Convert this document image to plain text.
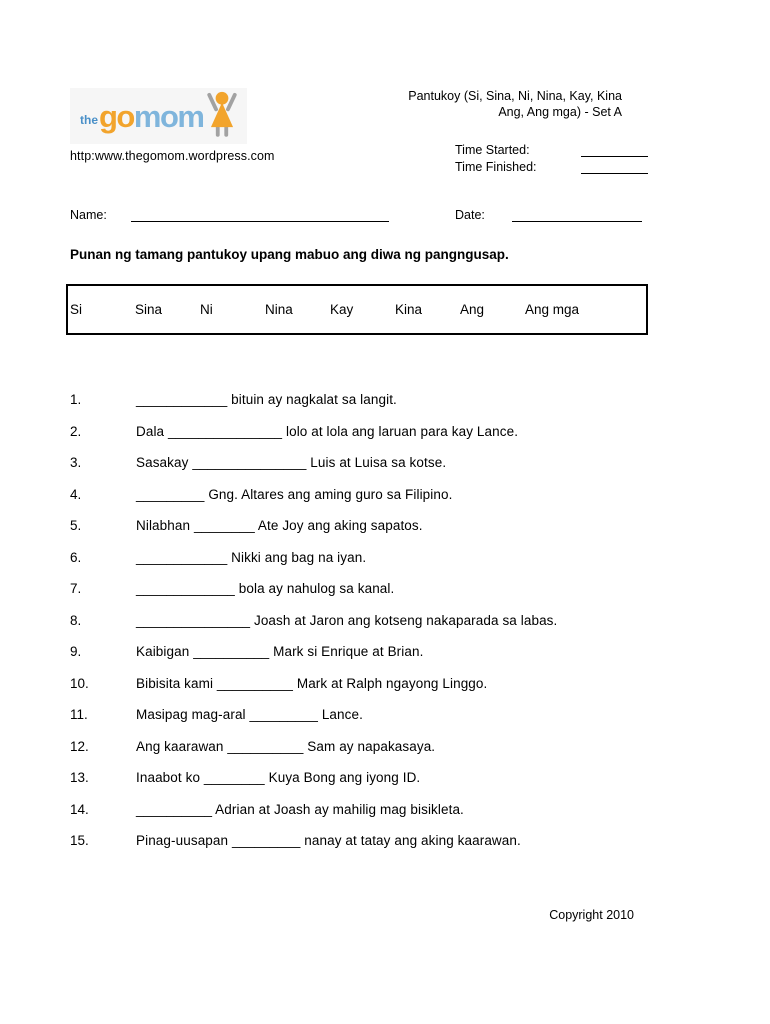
the go mom
http:www.thegomom.wordpress.com
Pantukoy (Si, Sina, Ni, Nina, Kay, Kina
Ang, Ang mga) - Set A
Time Started:
Time Finished:
Name:	Date:
Punan ng tamang pantukoy upang mabuo ang diwa ng pangngusap.
Si	Sina	Ni	Nina	Kay	Kina	Ang	Ang mga
1.	____________ bituin ay nagkalat sa langit.
2.	Dala _______________ lolo at lola ang laruan para kay Lance.
3.	Sasakay _______________ Luis at Luisa sa kotse.
4.	_________ Gng. Altares ang aming guro sa Filipino.
5.	Nilabhan ________ Ate Joy ang aking sapatos.
6.	____________ Nikki ang bag na iyan.
7.	_____________ bola ay nahulog sa kanal.
8.	_______________ Joash at Jaron ang kotseng nakaparada sa labas.
9.	Kaibigan __________ Mark si Enrique at Brian.
10.	Bibisita kami __________ Mark at Ralph ngayong Linggo.
11.	Masipag mag-aral _________ Lance.
12.	Ang kaarawan __________ Sam ay napakasaya.
13.	Inaabot ko ________ Kuya Bong ang iyong ID.
14.	__________ Adrian at Joash ay mahilig mag bisikleta.
15.	Pinag-uusapan _________ nanay at tatay ang aking kaarawan.
Copyright 2010
